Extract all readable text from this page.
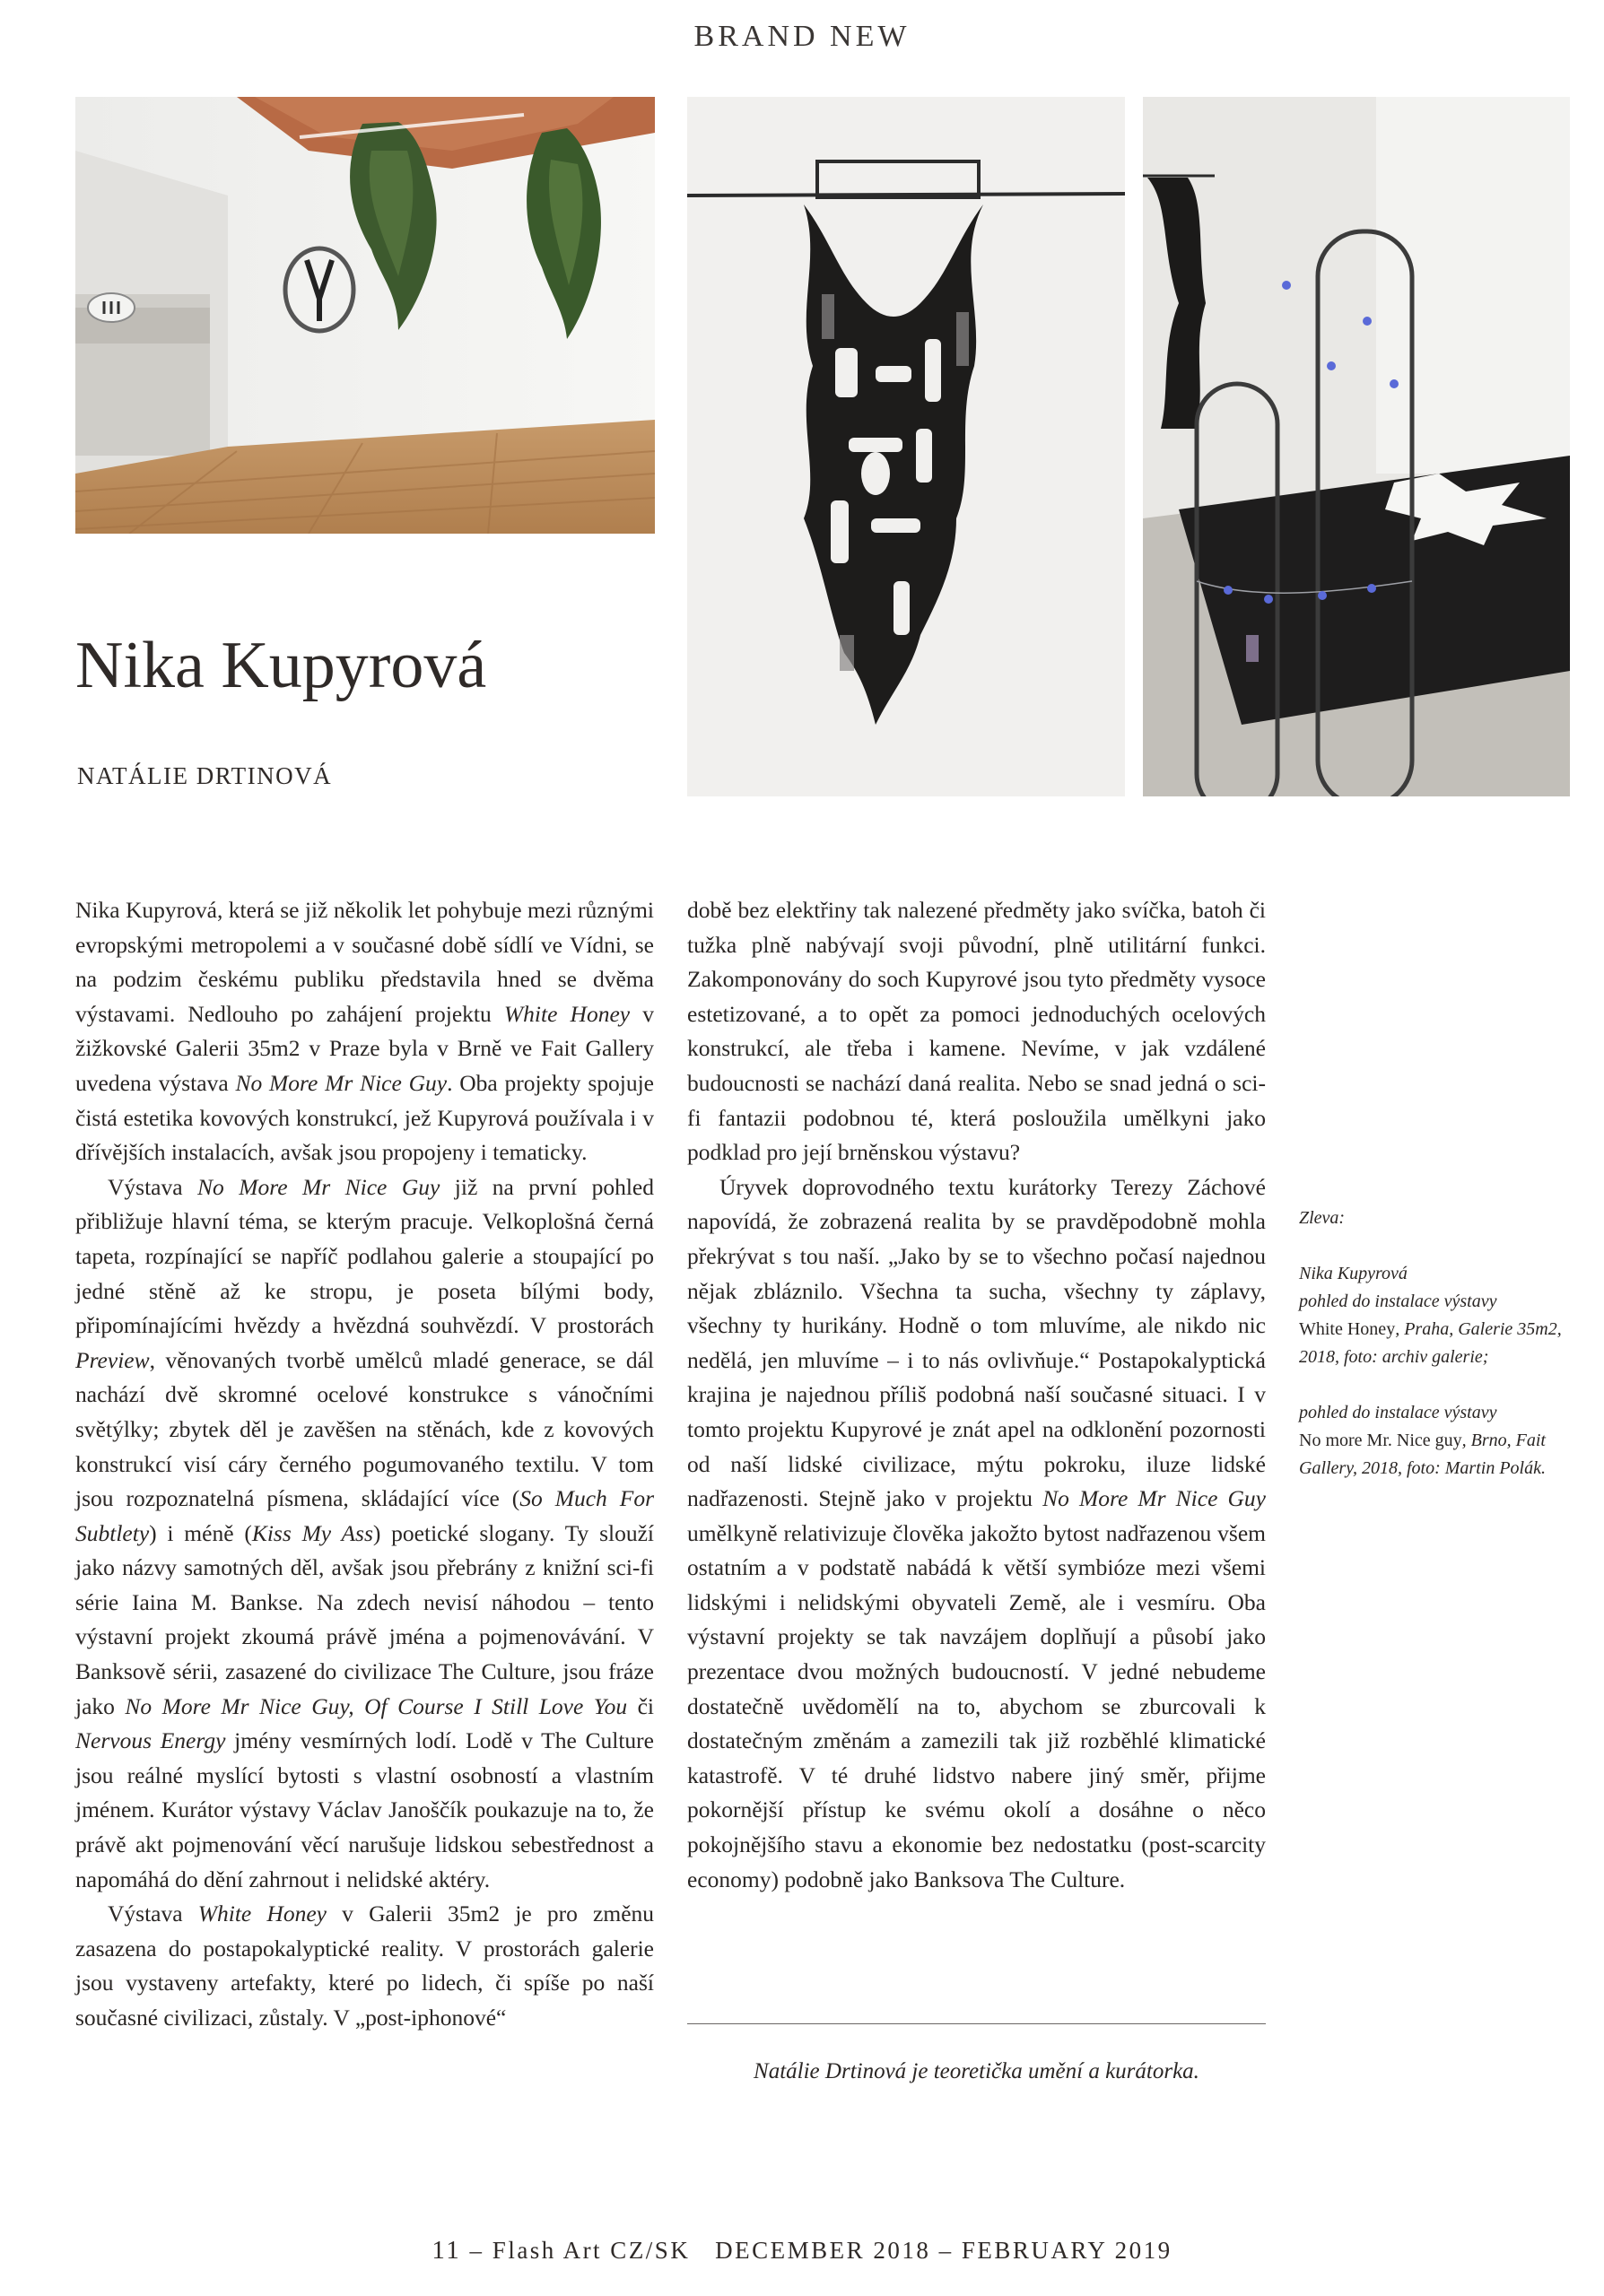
BRAND NEW
Nika Kupyrová
NATÁLIE DRTINOVÁ

Nika Kupyrová, která se již několik let pohybuje mezi různými evropskými metropolemi a v současné době sídlí ve Vídni, se na podzim českému publiku představila hned se dvěma výstavami. Nedlouho po zahájení projektu White Honey v žižkovské Galerii 35m2 v Praze byla v Brně ve Fait Gallery uvedena výstava No More Mr Nice Guy. Oba projekty spojuje čistá estetika kovových konstrukcí, jež Kupyrová používala i v dřívějších instalacích, avšak jsou propojeny i tematicky.

Výstava No More Mr Nice Guy již na první pohled přibližuje hlavní téma, se kterým pracuje. Velkoplošná černá tapeta, rozpínající se napříč podlahou galerie a stoupající po jedné stěně až ke stropu, je poseta bílými body, připomínajícími hvězdy a hvězdná souhvězdí. V prostorách Preview, věnovaných tvorbě umělců mladé generace, se dál nachází dvě skromné ocelové konstrukce s vánočními světýlky; zbytek děl je zavěšen na stěnách, kde z kovových konstrukcí visí cáry černého pogumovaného textilu. V tom jsou rozpoznatelná písmena, skládající více (So Much For Subtlety) i méně (Kiss My Ass) poetické slogany. Ty slouží jako názvy samotných děl, avšak jsou přebrány z knižní sci-fi série Iaina M. Bankse. Na zdech nevisí náhodou – tento výstavní projekt zkoumá právě jména a pojmenovávání. V Banksově sérii, zasazené do civilizace The Culture, jsou fráze jako No More Mr Nice Guy, Of Course I Still Love You či Nervous Energy jmény vesmírných lodí. Lodě v The Culture jsou reálné myslící bytosti s vlastní osobností a vlastním jménem. Kurátor výstavy Václav Janoščík poukazuje na to, že právě akt pojmenování věcí narušuje lidskou sebestřednost a napomáhá do dění zahrnout i nelidské aktéry.

Výstava White Honey v Galerii 35m2 je pro změnu zasazena do postapokalyptické reality. V prostorách galerie jsou vystaveny artefakty, které po lidech, či spíše po naší současné civilizaci, zůstaly. V „post-iphonové“

době bez elektřiny tak nalezené předměty jako svíčka, batoh či tužka plně nabývají svoji původní, plně utilitární funkci. Zakomponovány do soch Kupyrové jsou tyto předměty vysoce estetizované, a to opět za pomoci jednoduchých ocelových konstrukcí, ale třeba i kamene. Nevíme, v jak vzdálené budoucnosti se nachází daná realita. Nebo se snad jedná o sci-fi fantazii podobnou té, která posloužila umělkyni jako podklad pro její brněnskou výstavu?

Úryvek doprovodného textu kurátorky Terezy Záchové napovídá, že zobrazená realita by se pravděpodobně mohla překrývat s tou naší. „Jako by se to všechno počasí najednou nějak zbláznilo. Všechna ta sucha, všechny ty záplavy, všechny ty hurikány. Hodně o tom mluvíme, ale nikdo nic nedělá, jen mluvíme – i to nás ovlivňuje.“ Postapokalyptická krajina je najednou příliš podobná naší současné situaci. I v tomto projektu Kupyrové je znát apel na odklonění pozornosti od naší lidské civilizace, mýtu pokroku, iluze lidské nadřazenosti. Stejně jako v projektu No More Mr Nice Guy umělkyně relativizuje člověka jakožto bytost nadřazenou všem ostatním a v podstatě nabádá k větší symbióze mezi všemi lidskými i nelidskými obyvateli Země, ale i vesmíru. Oba výstavní projekty se tak navzájem doplňují a působí jako prezentace dvou možných budoucností. V jedné nebudeme dostatečně uvědomělí na to, abychom se zburcovali k dostatečným změnám a zamezili tak již rozběhlé klimatické katastrofě. V té druhé lidstvo nabere jiný směr, přijme pokornější přístup ke svému okolí a dosáhne o něco pokojnějšího stavu a ekonomie bez nedostatku (post-scarcity economy) podobně jako Banksova The Culture.

Zleva:

Nika Kupyrová
pohled do instalace výstavy
White Honey, Praha, Galerie 35m2, 2018, foto: archiv galerie;

pohled do instalace výstavy
No more Mr. Nice guy, Brno, Fait Gallery, 2018, foto: Martin Polák.

Natálie Drtinová je teoretička umění a kurátorka.
11 – Flash Art CZ/SK DECEMBER 2018 – FEBRUARY 2019
